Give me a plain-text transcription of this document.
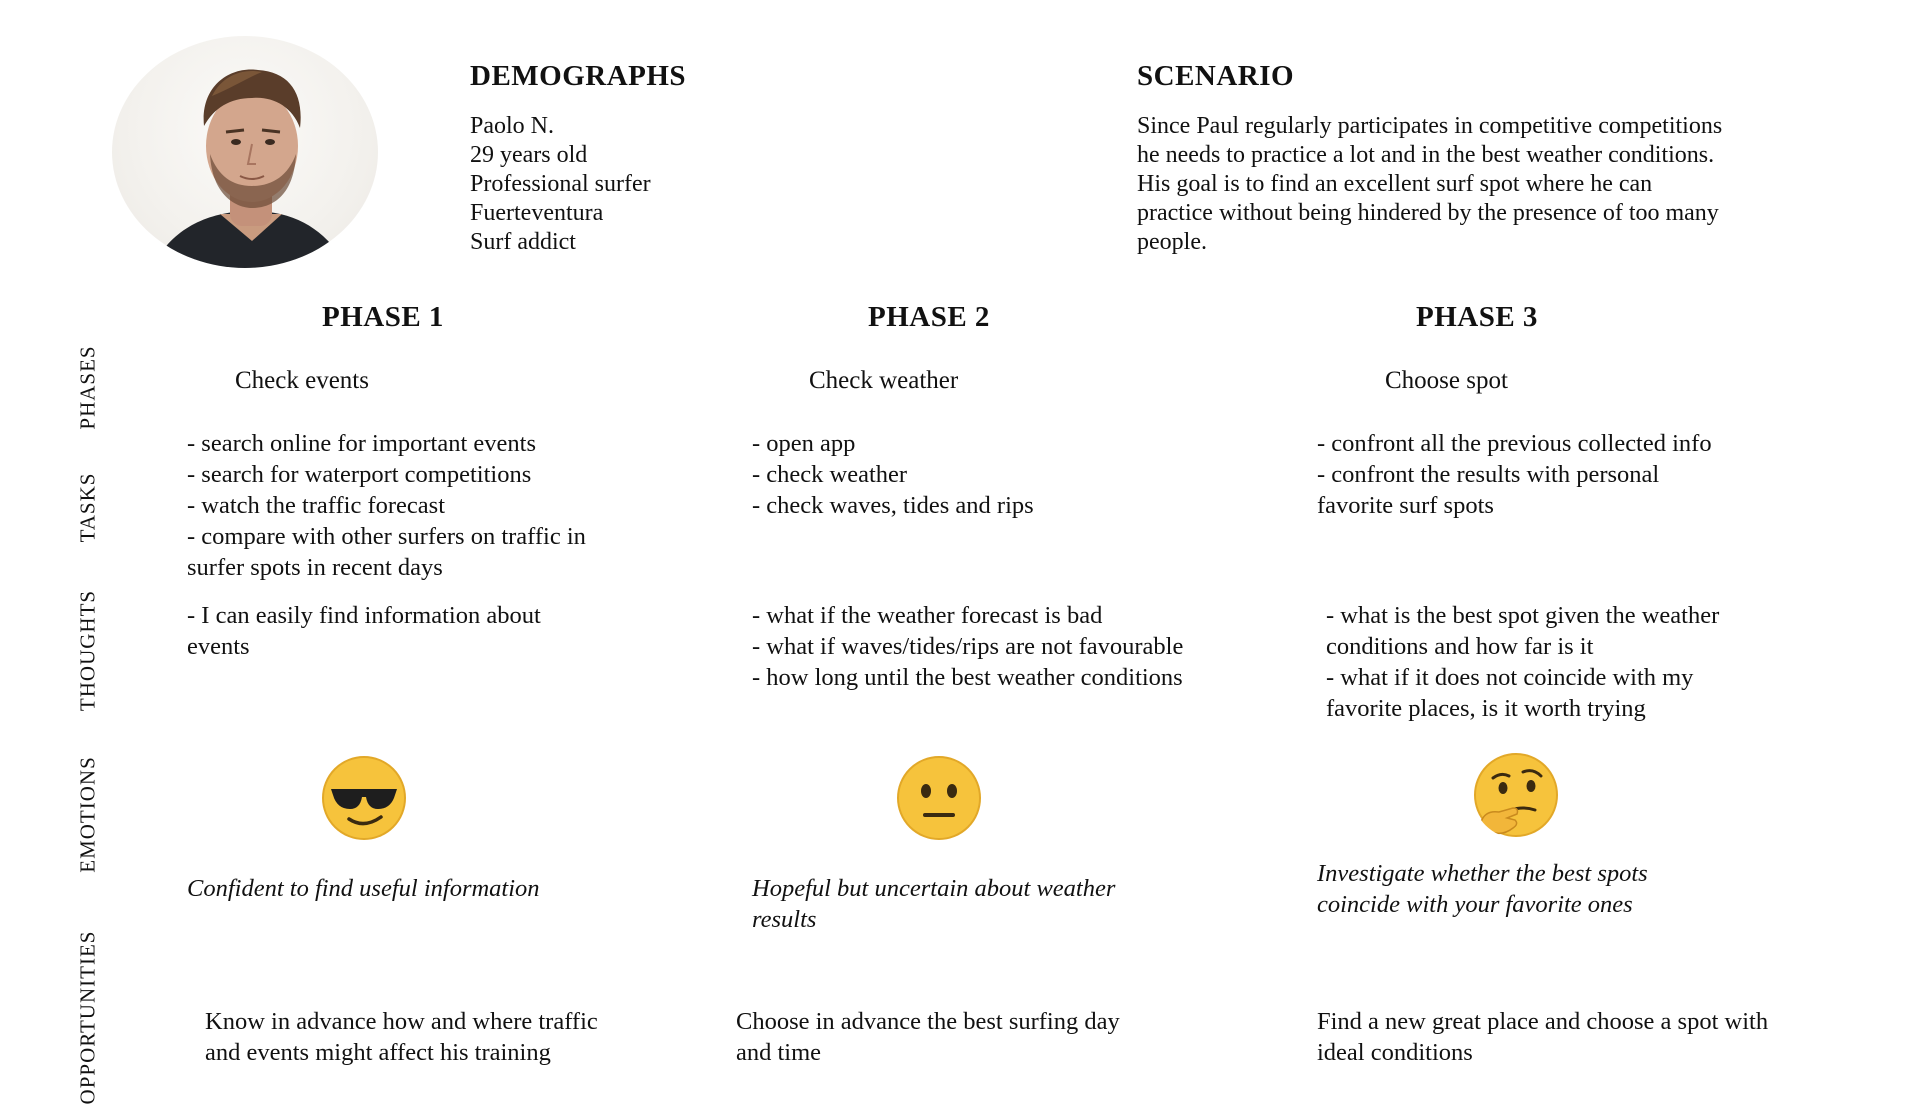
DEMOGRAPHS
Paolo N.
29 years old
Professional surfer
Fuerteventura
Surf addict
SCENARIO
Since Paul regularly participates in competitive competitions
he needs to practice a lot and in the best weather conditions.
His goal is to find an excellent surf spot where he can
practice without being hindered by the presence of too many
people.
PHASES
TASKS
THOUGHTS
EMOTIONS
OPPORTUNITIES
PHASE 1
Check events
- search online for important events
- search for waterport competitions
- watch the traffic forecast
- compare with other surfers on traffic in
surfer spots in recent days
- I can easily find information about
events
Confident to find useful information
Know in advance how and where traffic
and events might affect his training
PHASE 2
Check weather
- open app
- check weather
- check waves, tides and rips
- what if the weather forecast is bad
- what if waves/tides/rips are not favourable
- how long until the best weather conditions
Hopeful but uncertain about weather
results
Choose in advance the best surfing day
and time
PHASE 3
Choose spot
- confront all the previous collected info
- confront the results with personal
favorite surf spots
- what is the best spot given the weather
conditions and how far is it
- what if it does not coincide with my
favorite places, is it worth trying
Investigate whether the best spots
coincide with your favorite ones
Find a new great place and choose a spot with
ideal conditions
